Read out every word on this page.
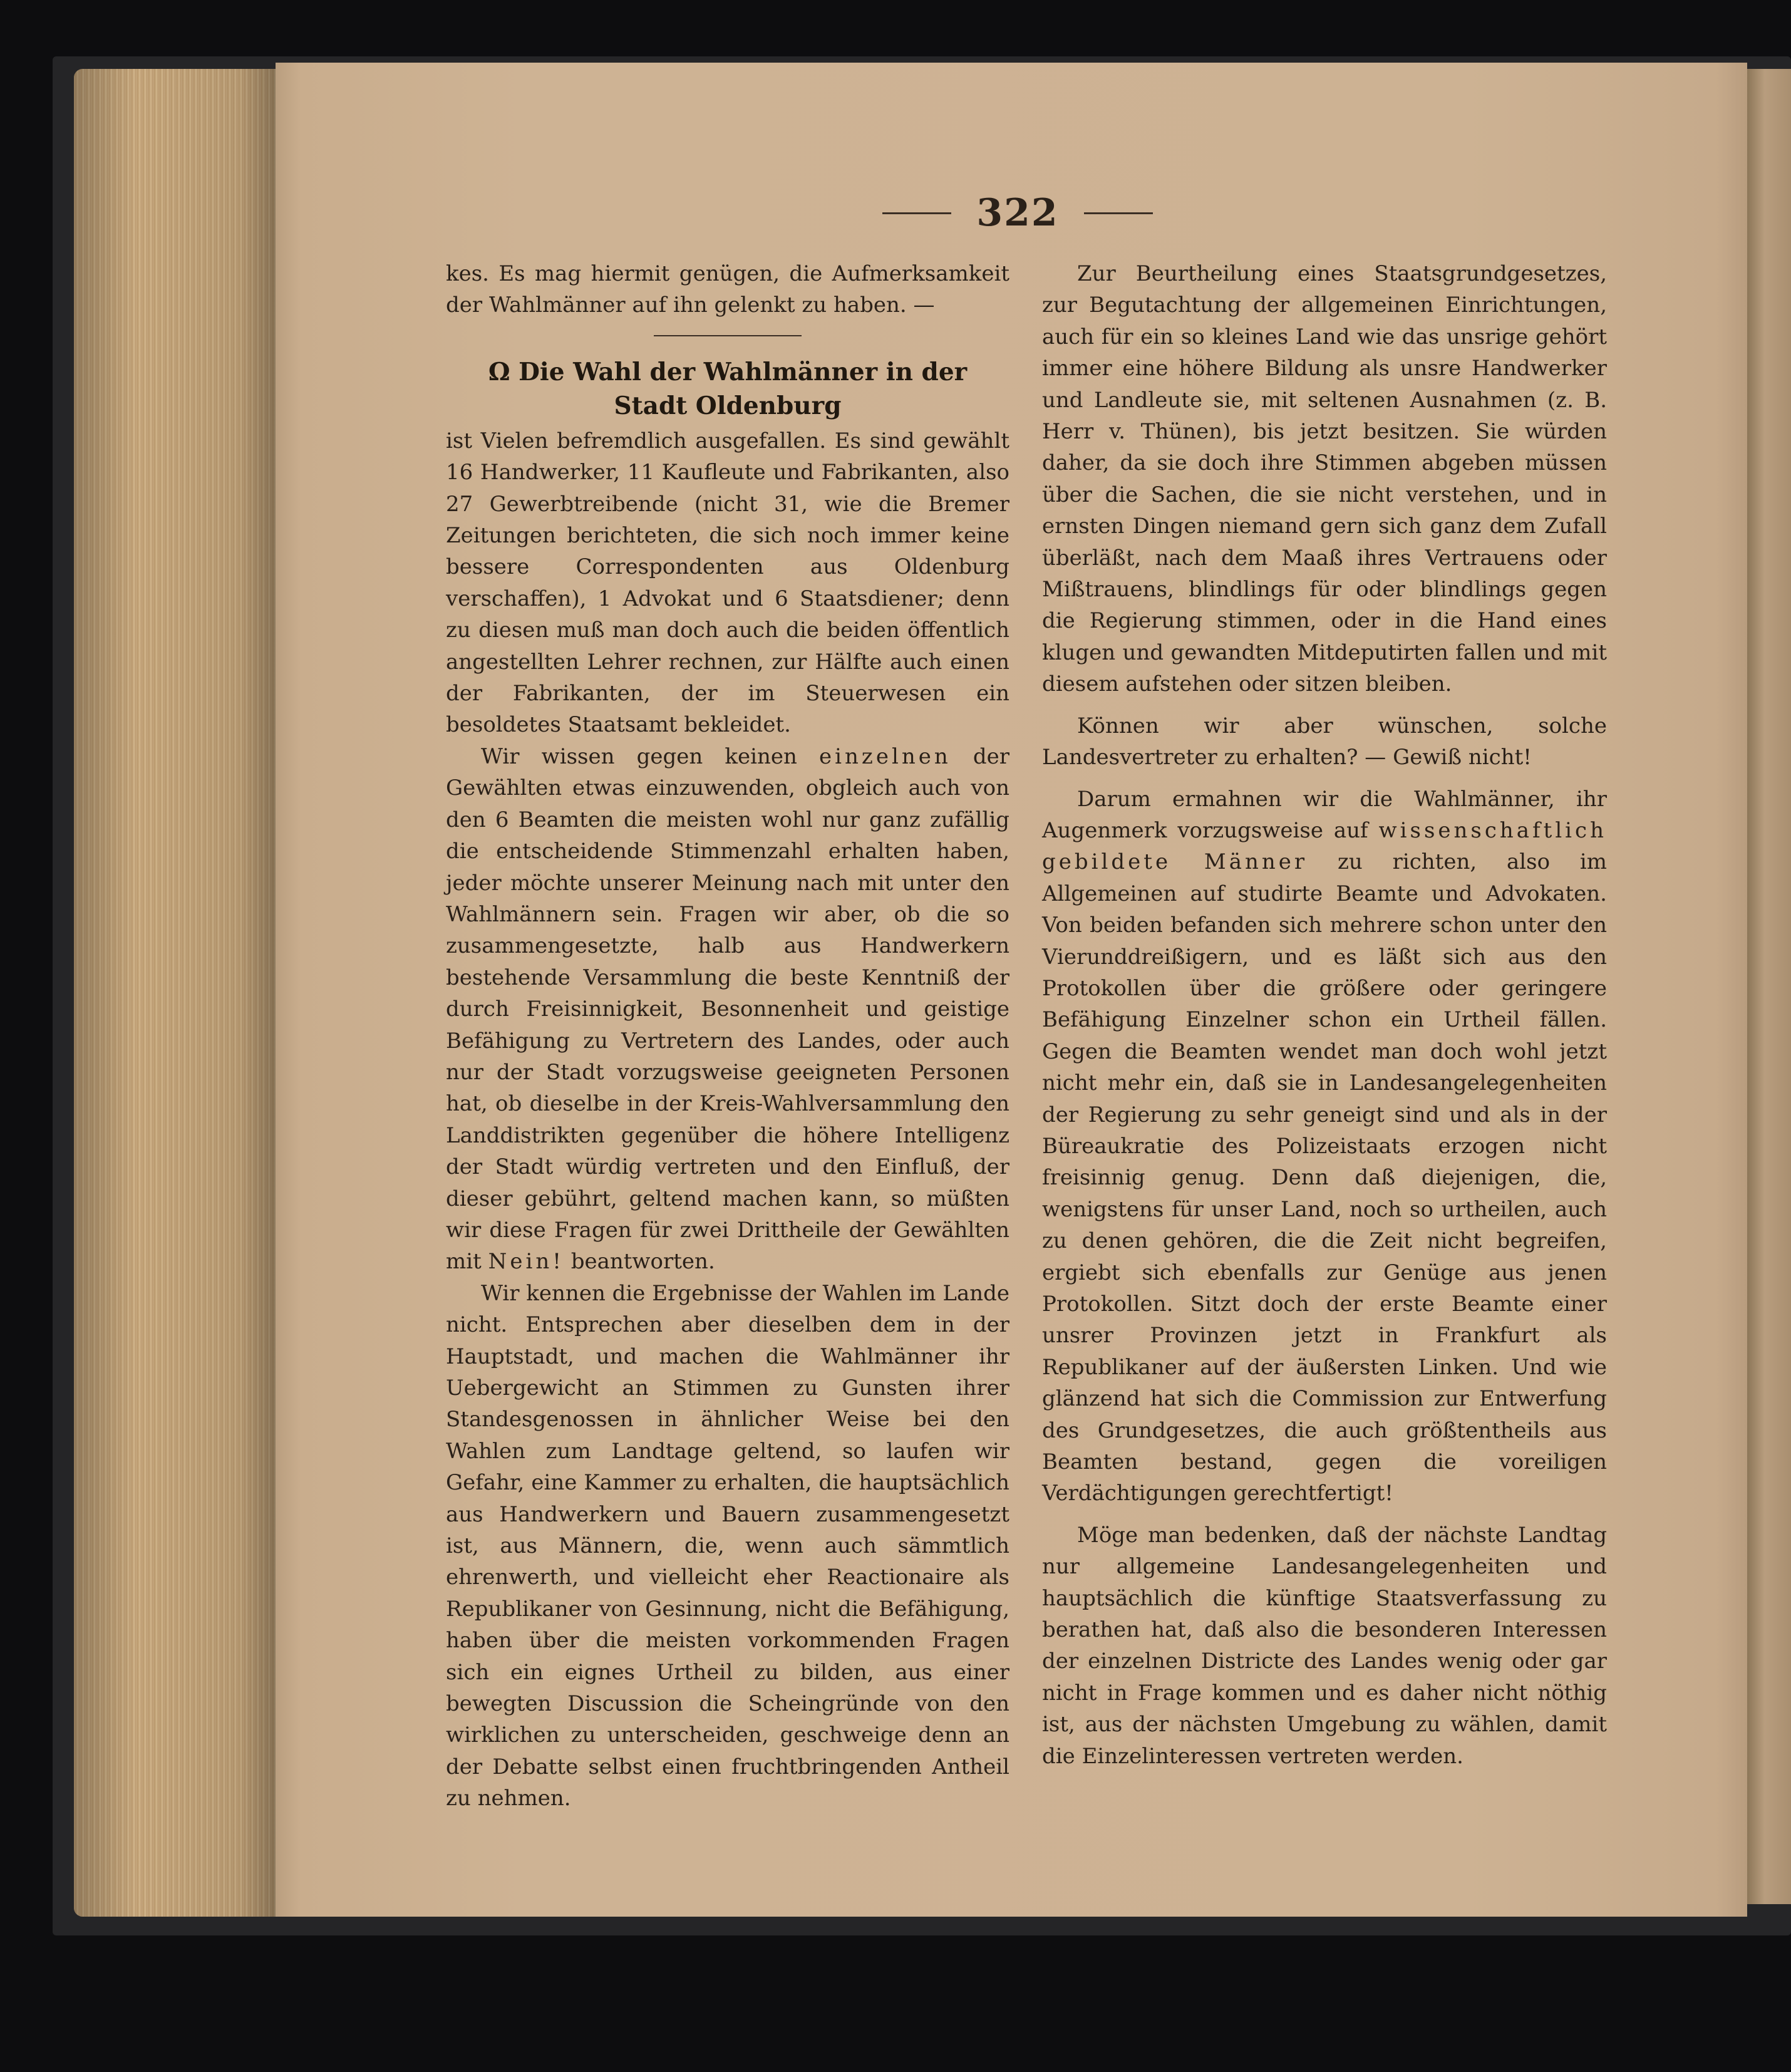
322

kes. Es mag hiermit genügen, die Aufmerksamkeit der Wahlmänner auf ihn gelenkt zu haben. —

Ω Die Wahl der Wahlmänner in der
Stadt Oldenburg

ist Vielen befremdlich ausgefallen. Es sind gewählt 16 Handwerker, 11 Kaufleute und Fabrikanten, also 27 Gewerbtreibende (nicht 31, wie die Bremer Zeitungen berichteten, die sich noch immer keine bessere Correspondenten aus Oldenburg verschaffen), 1 Advokat und 6 Staatsdiener; denn zu diesen muß man doch auch die beiden öffentlich angestellten Lehrer rechnen, zur Hälfte auch einen der Fabrikanten, der im Steuerwesen ein besoldetes Staatsamt bekleidet.

Wir wissen gegen keinen einzelnen der Gewählten etwas einzuwenden, obgleich auch von den 6 Beamten die meisten wohl nur ganz zufällig die entscheidende Stimmenzahl erhalten haben, jeder möchte unserer Meinung nach mit unter den Wahlmännern sein. Fragen wir aber, ob die so zusammengesetzte, halb aus Handwerkern bestehende Versammlung die beste Kenntniß der durch Freisinnigkeit, Besonnenheit und geistige Befähigung zu Vertretern des Landes, oder auch nur der Stadt vorzugsweise geeigneten Personen hat, ob dieselbe in der Kreis-Wahlversammlung den Landdistrikten gegenüber die höhere Intelligenz der Stadt würdig vertreten und den Einfluß, der dieser gebührt, geltend machen kann, so müßten wir diese Fragen für zwei Drittheile der Gewählten mit Nein! beantworten.

Wir kennen die Ergebnisse der Wahlen im Lande nicht. Entsprechen aber dieselben dem in der Hauptstadt, und machen die Wahlmänner ihr Uebergewicht an Stimmen zu Gunsten ihrer Standesgenossen in ähnlicher Weise bei den Wahlen zum Landtage geltend, so laufen wir Gefahr, eine Kammer zu erhalten, die hauptsächlich aus Handwerkern und Bauern zusammengesetzt ist, aus Männern, die, wenn auch sämmtlich ehrenwerth, und vielleicht eher Reactionaire als Republikaner von Gesinnung, nicht die Befähigung, haben über die meisten vorkommenden Fragen sich ein eignes Urtheil zu bilden, aus einer bewegten Discussion die Scheingründe von den wirklichen zu unterscheiden, geschweige denn an der Debatte selbst einen fruchtbringenden Antheil zu nehmen.

Zur Beurtheilung eines Staatsgrundgesetzes, zur Begutachtung der allgemeinen Einrichtungen, auch für ein so kleines Land wie das unsrige gehört immer eine höhere Bildung als unsre Handwerker und Landleute sie, mit seltenen Ausnahmen (z. B. Herr v. Thünen), bis jetzt besitzen. Sie würden daher, da sie doch ihre Stimmen abgeben müssen über die Sachen, die sie nicht verstehen, und in ernsten Dingen niemand gern sich ganz dem Zufall überläßt, nach dem Maaß ihres Vertrauens oder Mißtrauens, blindlings für oder blindlings gegen die Regierung stimmen, oder in die Hand eines klugen und gewandten Mitdeputirten fallen und mit diesem aufstehen oder sitzen bleiben.

Können wir aber wünschen, solche Landesvertreter zu erhalten? — Gewiß nicht!

Darum ermahnen wir die Wahlmänner, ihr Augenmerk vorzugsweise auf wissenschaftlich gebildete Männer zu richten, also im Allgemeinen auf studirte Beamte und Advokaten. Von beiden befanden sich mehrere schon unter den Vierunddreißigern, und es läßt sich aus den Protokollen über die größere oder geringere Befähigung Einzelner schon ein Urtheil fällen. Gegen die Beamten wendet man doch wohl jetzt nicht mehr ein, daß sie in Landesangelegenheiten der Regierung zu sehr geneigt sind und als in der Büreaukratie des Polizeistaats erzogen nicht freisinnig genug. Denn daß diejenigen, die, wenigstens für unser Land, noch so urtheilen, auch zu denen gehören, die die Zeit nicht begreifen, ergiebt sich ebenfalls zur Genüge aus jenen Protokollen. Sitzt doch der erste Beamte einer unsrer Provinzen jetzt in Frankfurt als Republikaner auf der äußersten Linken. Und wie glänzend hat sich die Commission zur Entwerfung des Grundgesetzes, die auch größtentheils aus Beamten bestand, gegen die voreiligen Verdächtigungen gerechtfertigt!

Möge man bedenken, daß der nächste Landtag nur allgemeine Landesangelegenheiten und hauptsächlich die künftige Staatsverfassung zu berathen hat, daß also die besonderen Interessen der einzelnen Districte des Landes wenig oder gar nicht in Frage kommen und es daher nicht nöthig ist, aus der nächsten Umgebung zu wählen, damit die Einzelinteressen vertreten werden.
